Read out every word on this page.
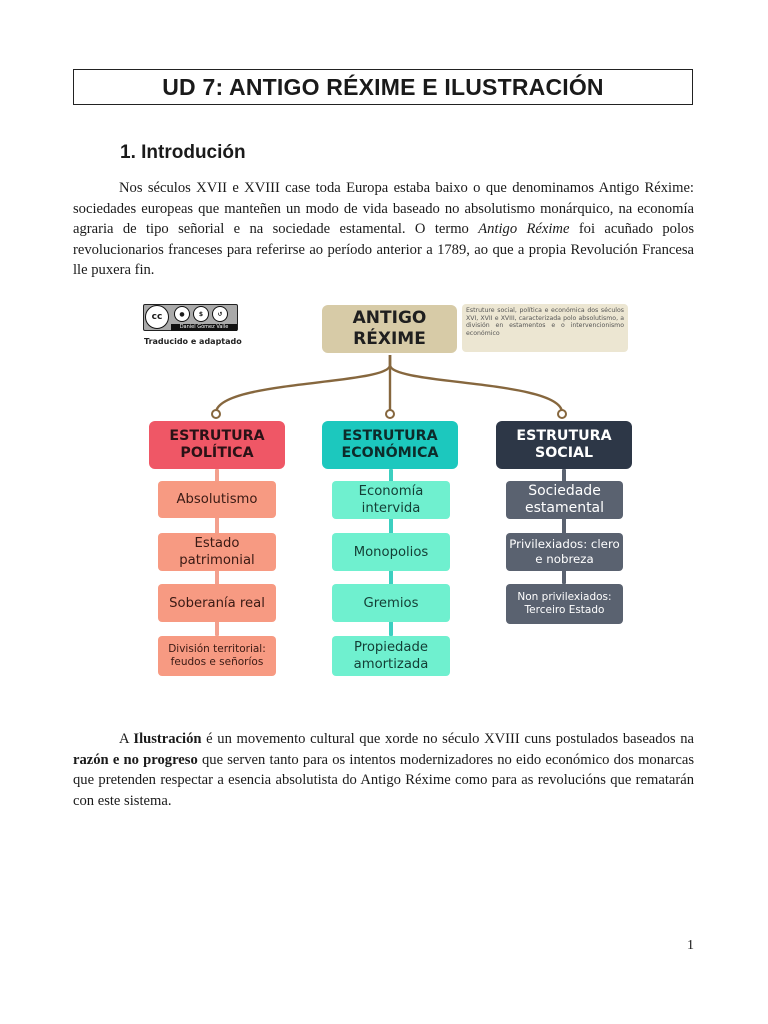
UD 7: ANTIGO RÉXIME E ILUSTRACIÓN
1. Introdución

Nos séculos XVII e XVIII case toda Europa estaba baixo o que denominamos Antigo Réxime: sociedades europeas que manteñen un modo de vida baseado no absolutismo monárquico, na economía agraria de tipo señorial e na sociedade estamental. O termo Antigo Réxime foi acuñado polos revolucionarios franceses para referirse ao período anterior a 1789, ao que a propia Revolución Francesa lle puxera fin.

cc	●	$	↺
Daniel Gómez Valle
Traducido e adaptado
ANTIGO RÉXIME
Estruture social, política e económica dos séculos XVI, XVII e XVIII, caracterizada polo absolutismo, a división en estamentos e o intervencionismo económico
ESTRUTURA POLÍTICA
ESTRUTURA ECONÓMICA
ESTRUTURA SOCIAL
Absolutismo
Estado patrimonial
Soberanía real
División territorial: feudos e señoríos
Economía intervida
Monopolios
Gremios
Propiedade amortizada
Sociedade estamental
Privilexiados: clero e nobreza
Non privilexiados: Terceiro Estado

A Ilustración é un movemento cultural que xorde no século XVIII cuns postulados baseados na razón e no progreso que serven tanto para os intentos modernizadores no eido económico dos monarcas que pretenden respectar a esencia absolutista do Antigo Réxime como para as revolucións que rematarán con este sistema.

1
